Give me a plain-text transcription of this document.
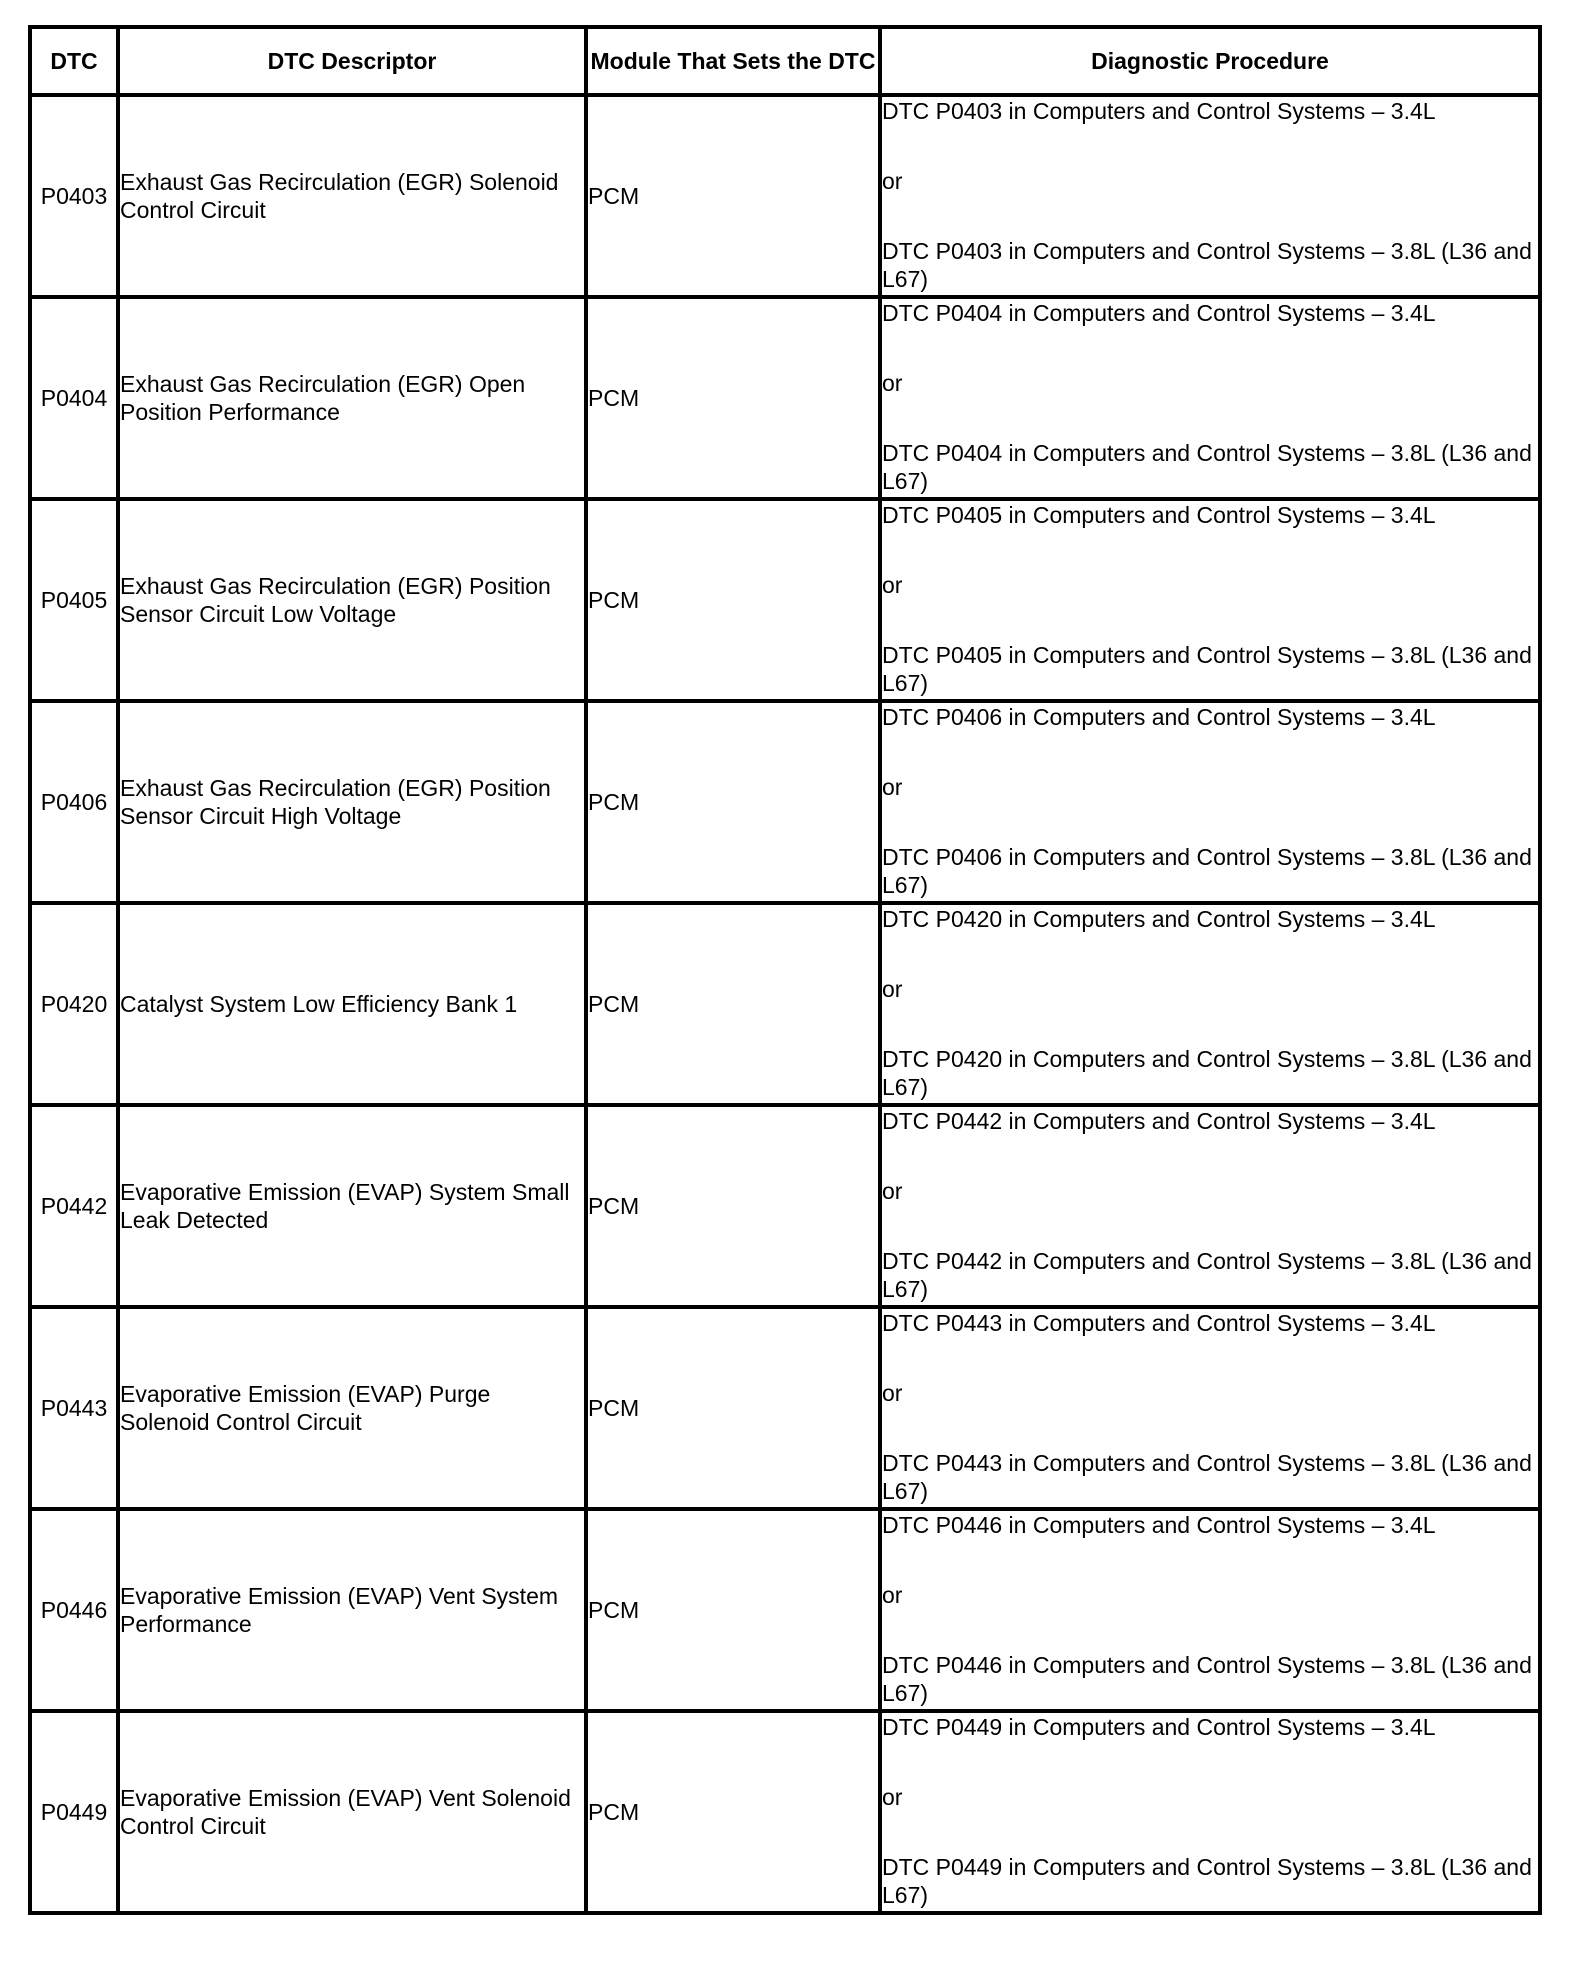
DTC	DTC Descriptor	Module That Sets the DTC	Diagnostic Procedure
P0403	Exhaust Gas Recirculation (EGR) Solenoid Control Circuit	PCM	DTC P0403 in Computers and Control Systems – 3.4L
or
DTC P0403 in Computers and Control Systems – 3.8L (L36 and L67)

P0404	Exhaust Gas Recirculation (EGR) Open Position Performance	PCM	DTC P0404 in Computers and Control Systems – 3.4L
or
DTC P0404 in Computers and Control Systems – 3.8L (L36 and L67)

P0405	Exhaust Gas Recirculation (EGR) Position Sensor Circuit Low Voltage	PCM	DTC P0405 in Computers and Control Systems – 3.4L
or
DTC P0405 in Computers and Control Systems – 3.8L (L36 and L67)

P0406	Exhaust Gas Recirculation (EGR) Position Sensor Circuit High Voltage	PCM	DTC P0406 in Computers and Control Systems – 3.4L
or
DTC P0406 in Computers and Control Systems – 3.8L (L36 and L67)

P0420	Catalyst System Low Efficiency Bank 1	PCM	DTC P0420 in Computers and Control Systems – 3.4L
or
DTC P0420 in Computers and Control Systems – 3.8L (L36 and L67)

P0442	Evaporative Emission (EVAP) System Small Leak Detected	PCM	DTC P0442 in Computers and Control Systems – 3.4L
or
DTC P0442 in Computers and Control Systems – 3.8L (L36 and L67)

P0443	Evaporative Emission (EVAP) Purge Solenoid Control Circuit	PCM	DTC P0443 in Computers and Control Systems – 3.4L
or
DTC P0443 in Computers and Control Systems – 3.8L (L36 and L67)

P0446	Evaporative Emission (EVAP) Vent System Performance	PCM	DTC P0446 in Computers and Control Systems – 3.4L
or
DTC P0446 in Computers and Control Systems – 3.8L (L36 and L67)

P0449	Evaporative Emission (EVAP) Vent Solenoid Control Circuit	PCM	DTC P0449 in Computers and Control Systems – 3.4L
or
DTC P0449 in Computers and Control Systems – 3.8L (L36 and L67)
